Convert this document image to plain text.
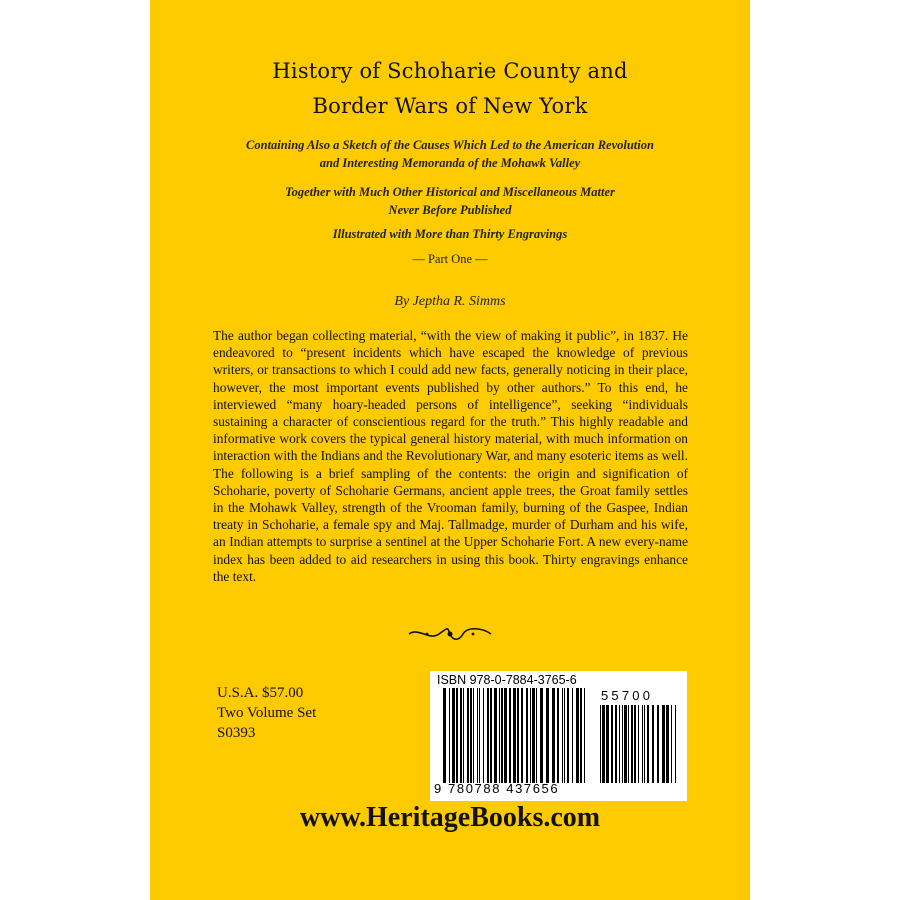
History of Schoharie County and
Border Wars of New York
Containing Also a Sketch of the Causes Which Led to the American Revolution
and Interesting Memoranda of the Mohawk Valley
Together with Much Other Historical and Miscellaneous Matter
Never Before Published
Illustrated with More than Thirty Engravings
— Part One —
By Jeptha R. Simms

The author began collecting material, “with the view of making it public”, in 1837. He endeavored to “present incidents which have escaped the knowledge of previous writers, or transactions to which I could add new facts, generally noticing in their place, however, the most important events published by other authors.” To this end, he interviewed “many hoary-headed persons of intelligence”, seeking “individuals sustaining a character of conscientious regard for the truth.” This highly readable and informative work covers the typical general history material, with much information on interaction with the Indians and the Revolutionary War, and many esoteric items as well. The following is a brief sampling of the contents: the origin and signification of Schoharie, poverty of Schoharie Germans, ancient apple trees, the Groat family settles in the Mohawk Valley, strength of the Vrooman family, burning of the Gaspee, Indian treaty in Schoharie, a female spy and Maj. Tallmadge, murder of Durham and his wife, an Indian attempts to surprise a sentinel at the Upper Schoharie Fort. A new every-name index has been added to aid researchers in using this book. Thirty engravings enhance the text.

U.S.A. $57.00
Two Volume Set
S0393
ISBN 978-0-7884-3765-6
9 780788 437656
55700
www.HeritageBooks.com
